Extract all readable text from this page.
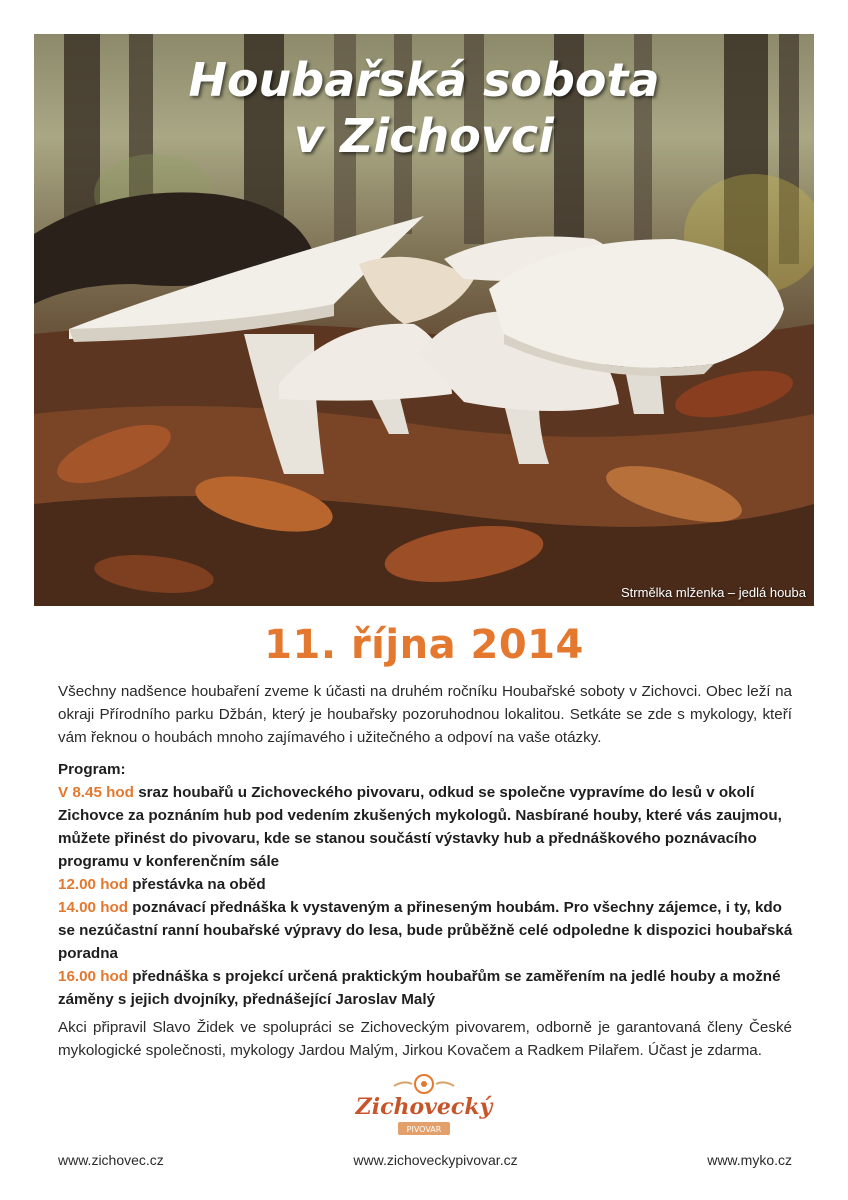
Houbařská sobota
v Zichovci
Strmělka mlženka – jedlá houba
11. října 2014
Všechny nadšence houbaření zveme k účasti na druhém ročníku Houbařské soboty v Zichovci. Obec leží na okraji Přírodního parku Džbán, který je houbařsky pozoruhodnou lokalitou. Setkáte se zde s mykology, kteří vám řeknou o houbách mnoho zajímavého i užitečného a odpoví na vaše otázky.
Program:
V 8.45 hod sraz houbařů u Zichoveckého pivovaru, odkud se společne vypravíme do lesů v okolí Zichovce za poznáním hub pod vedením zkušených mykologů. Nasbírané houby, které vás zaujmou, můžete přinést do pivovaru, kde se stanou součástí výstavky hub a přednáškového poznávacího programu v konferenčním sále
12.00 hod přestávka na oběd
14.00 hod poznávací přednáška k vystaveným a přineseným houbám. Pro všechny zájemce, i ty, kdo se nezúčastní ranní houbařské výpravy do lesa, bude průběžně celé odpoledne k dispozici houbařská poradna
16.00 hod přednáška s projekcí určená praktickým houbařům se zaměřením na jedlé houby a možné záměny s jejich dvojníky, přednášející Jaroslav Malý
Akci připravil Slavo Židek ve spolupráci se Zichoveckým pivovarem, odborně je garantovaná členy České mykologické společnosti, mykology Jardou Malým, Jirkou Kovačem a Radkem Pilařem. Účast je zdarma.
Zichovecký
PIVOVAR
www.zichovec.cz	www.zichoveckypivovar.cz	www.myko.cz
